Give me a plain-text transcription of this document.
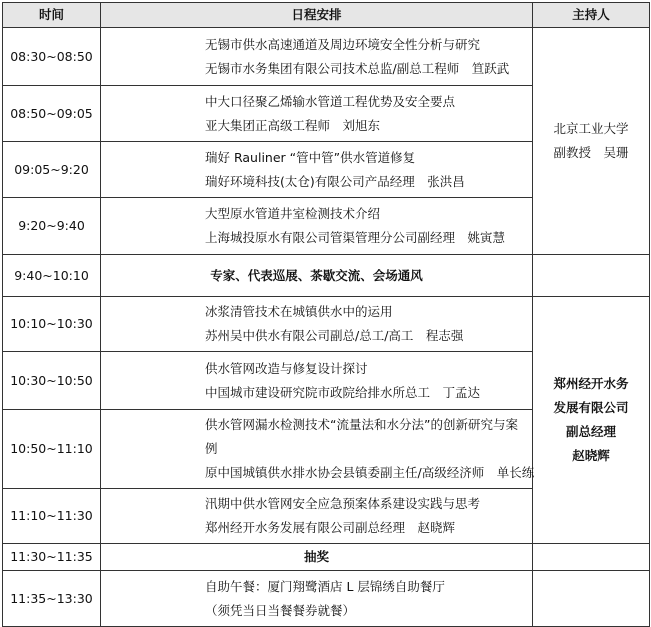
时间	日程安排	主持人
08:30~08:50	无锡市供水高速通道及周边环境安全性分析与研究
无锡市水务集团有限公司技术总监/副总工程师　笪跃武	北京工业大学
副教授　吴珊

08:50~09:05	中大口径聚乙烯输水管道工程优势及安全要点
亚大集团正高级工程师　刘旭东	

09:05~9:20	瑞好 Rauliner “管中管”供水管道修复
瑞好环境科技(太仓)有限公司产品经理　张洪昌	

9:20~9:40	大型原水管道井室检测技术介绍
上海城投原水有限公司管渠管理分公司副经理　姚寅慧	

9:40~10:10	专家、代表巡展、茶歇交流、会场通风	
10:10~10:30	冰浆清管技术在城镇供水中的运用
苏州吴中供水有限公司副总/总工/高工　程志强	郑州经开水务
发展有限公司
副总经理
赵晓辉

10:30~10:50	供水管网改造与修复设计探讨
中国城市建设研究院市政院给排水所总工　丁孟达	

10:50~11:10	供水管网漏水检测技术“流量法和水分法”的创新研究与案例
原中国城镇供水排水协会县镇委副主任/高级经济师　单长练	

11:10~11:30	汛期中供水管网安全应急预案体系建设实践与思考
郑州经开水务发展有限公司副总经理　赵晓辉	

11:30~11:35	抽奖	
11:35~13:30	自助午餐：厦门翔鹭酒店 L 层锦绣自助餐厅
（须凭当日当餐餐券就餐）	
